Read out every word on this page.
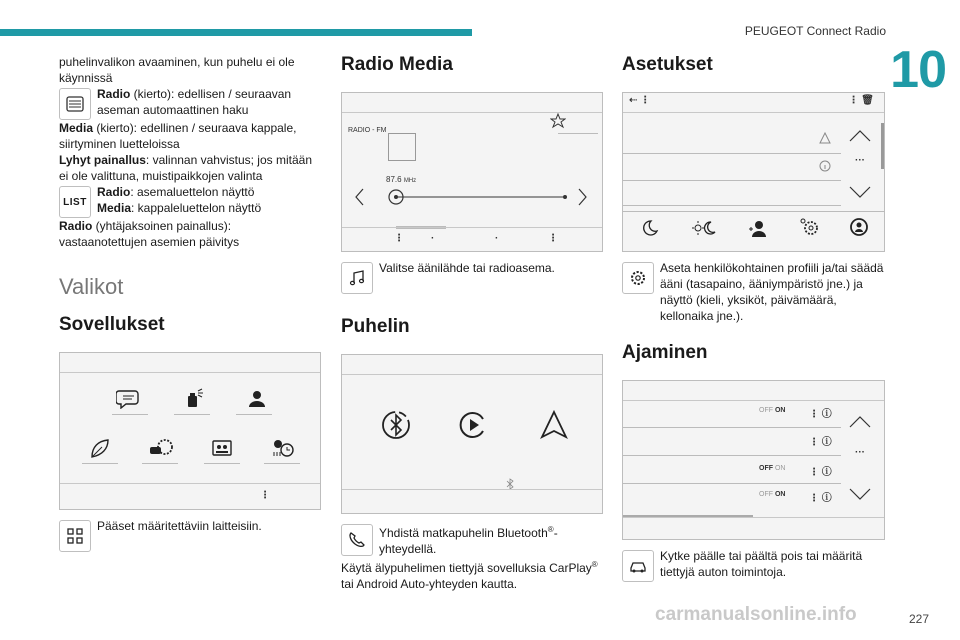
PEUGEOT Connect Radio
10
227
carmanualsonline.info
puhelinvalikon avaaminen, kun puhelu ei ole käynnissä
Radio (kierto): edellisen / seuraavan aseman automaattinen haku
Media (kierto): edellinen / seuraava kappale, siirtyminen luetteloissa
Lyhyt painallus: valinnan vahvistus; jos mitään ei ole valittuna, muistipaikkojen valinta
LIST
Radio: asemaluettelon näyttö
Media: kappaleluettelon näyttö
Radio (yhtäjaksoinen painallus): vastaanotettujen asemien päivitys
Valikot
Sovellukset
⋮
Pääset määritettäviin laitteisiin.
Radio Media
RADIO - FM
87.6 MHz
⋮	·	·	⋮
Valitse äänilähde tai radioasema.
Puhelin
Yhdistä matkapuhelin Bluetooth®-yhteydellä.
Käytä älypuhelimen tiettyjä sovelluksia CarPlay® tai Android Auto-yhteyden kautta.
Asetukset
⇠ ⋮	⋮ 🗑
···
Aseta henkilökohtainen profiili ja/tai säädä ääni (tasapaino, ääniympäristö jne.) ja näyttö (kieli, yksiköt, päivämäärä, kellonaika jne.).
Ajaminen
OFF ON
OFF ON
OFF ON
⋮ ⓘ
⋮ ⓘ
⋮ ⓘ
⋮ ⓘ
···
Kytke päälle tai päältä pois tai määritä tiettyjä auton toimintoja.
